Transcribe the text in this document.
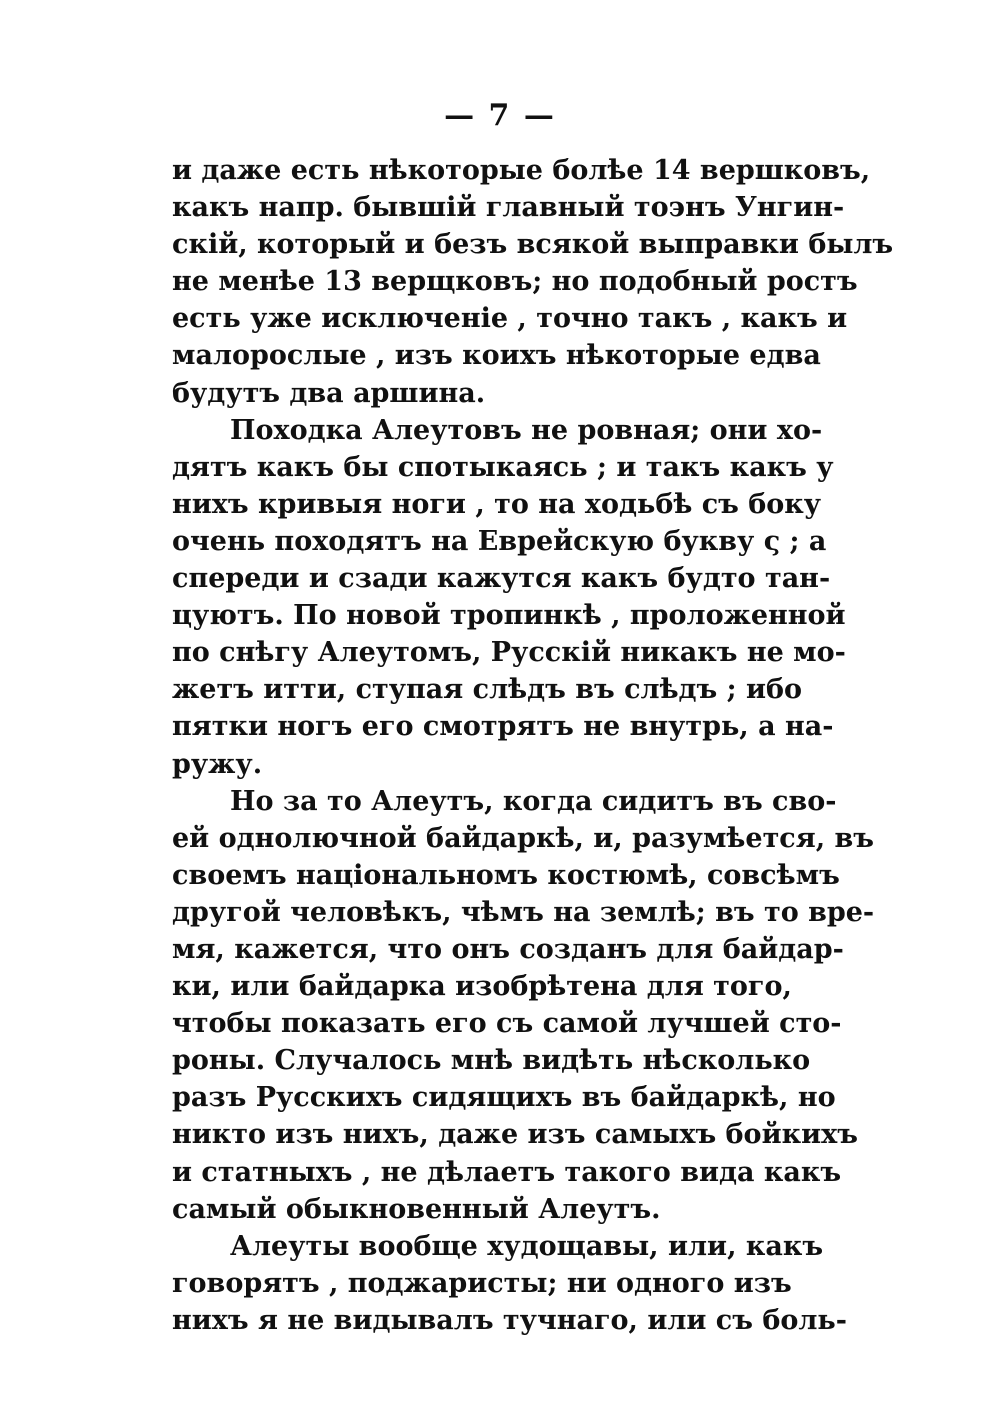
— 7 —
и даже есть нѣкоторые болѣе 14 вершковъ,
какъ напр. бывшій главный тоэнъ Унгин-
скій, который и безъ всякой выправки былъ
не менѣе 13 верщковъ; но подобный ростъ
есть уже исключеніе , точно такъ , какъ и
малорослые , изъ коихъ нѣкоторые едва
будутъ два аршина.
Походка Алеутовъ не ровная; они хо-
дятъ какъ бы спотыкаясь ; и такъ какъ у
нихъ кривыя ноги , то на ходьбѣ съ боку
очень походятъ на Еврейскую букву ς ; а
спереди и сзади кажутся какъ будто тан-
цуютъ. По новой тропинкѣ , проложенной
по снѣгу Алеутомъ, Русскій никакъ не мо-
жетъ итти, ступая слѣдъ въ слѣдъ ; ибо
пятки ногъ его смотрятъ не внутрь, а на-
ружу.
Но за то Алеутъ, когда сидитъ въ сво-
ей однолючной байдаркѣ, и, разумѣется, въ
своемъ національномъ костюмѣ, совсѣмъ
другой человѣкъ, чѣмъ на землѣ; въ то вре-
мя, кажется, что онъ созданъ для байдар-
ки, или байдарка изобрѣтена для того,
чтобы показать его съ самой лучшей сто-
роны. Случалось мнѣ видѣть нѣсколько
разъ Русскихъ сидящихъ въ байдаркѣ, но
никто изъ нихъ, даже изъ самыхъ бойкихъ
и статныхъ , не дѣлаетъ такого вида какъ
самый обыкновенный Алеутъ.
Алеуты вообще худощавы, или, какъ
говорятъ , поджаристы; ни одного изъ
нихъ я не видывалъ тучнаго, или съ боль-
